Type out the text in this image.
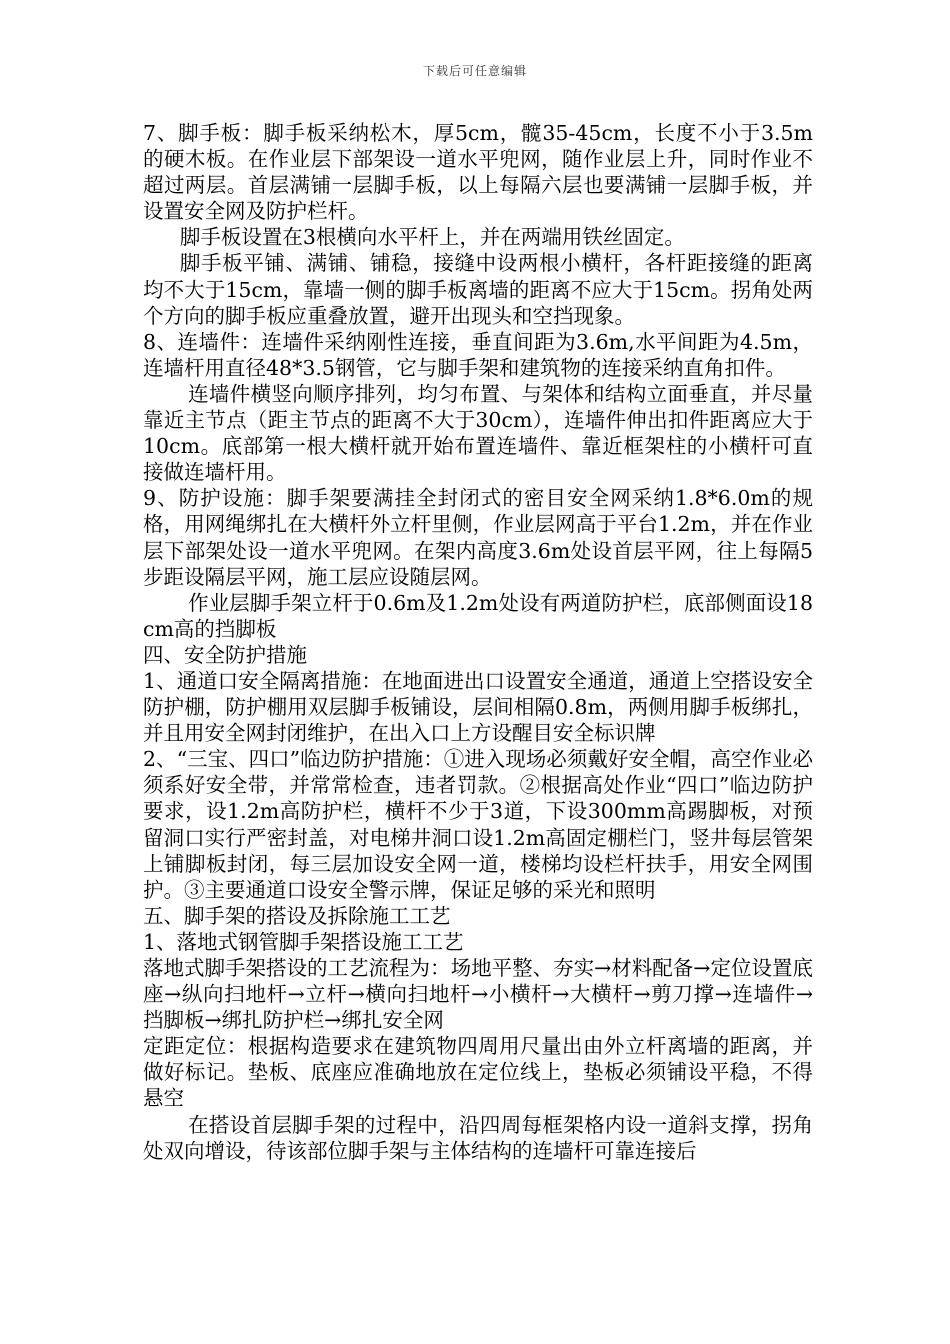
下载后可任意编辑

7、脚手板：脚手板采纳松木，厚5cm，髋35-45cm，长度不小于3.5m的硬木板。在作业层下部架设一道水平兜网，随作业层上升，同时作业不超过两层。首层满铺一层脚手板，以上每隔六层也要满铺一层脚手板，并设置安全网及防护栏杆。

脚手板设置在3根横向水平杆上，并在两端用铁丝固定。

脚手板平铺、满铺、铺稳，接缝中设两根小横杆，各杆距接缝的距离均不大于15cm，靠墙一侧的脚手板离墙的距离不应大于15cm。拐角处两个方向的脚手板应重叠放置，避开出现头和空挡现象。

8、连墙件：连墙件采纳刚性连接，垂直间距为3.6m,水平间距为4.5m，连墙杆用直径48*3.5钢管，它与脚手架和建筑物的连接采纳直角扣件。

连墙件横竖向顺序排列，均匀布置、与架体和结构立面垂直，并尽量靠近主节点（距主节点的距离不大于30cm），连墙件伸出扣件距离应大于10cm。底部第一根大横杆就开始布置连墙件、靠近框架柱的小横杆可直接做连墙杆用。

9、防护设施：脚手架要满挂全封闭式的密目安全网采纳1.8*6.0m的规格，用网绳绑扎在大横杆外立杆里侧，作业层网高于平台1.2m，并在作业层下部架处设一道水平兜网。在架内高度3.6m处设首层平网，往上每隔5步距设隔层平网，施工层应设随层网。

作业层脚手架立杆于0.6m及1.2m处设有两道防护栏，底部侧面设18cm高的挡脚板

四、安全防护措施

1、通道口安全隔离措施：在地面进出口设置安全通道，通道上空搭设安全防护棚，防护棚用双层脚手板铺设，层间相隔0.8m，两侧用脚手板绑扎，并且用安全网封闭维护，在出入口上方设醒目安全标识牌

2、“三宝、四口”临边防护措施：①进入现场必须戴好安全帽，高空作业必须系好安全带，并常常检查，违者罚款。②根据高处作业“四口”临边防护要求，设1.2m高防护栏，横杆不少于3道，下设300mm高踢脚板，对预留洞口实行严密封盖，对电梯井洞口设1.2m高固定棚栏门，竖井每层管架上铺脚板封闭，每三层加设安全网一道，楼梯均设栏杆扶手，用安全网围护。③主要通道口设安全警示牌，保证足够的采光和照明

五、脚手架的搭设及拆除施工工艺

1、落地式钢管脚手架搭设施工工艺

落地式脚手架搭设的工艺流程为：场地平整、夯实→材料配备→定位设置底座→纵向扫地杆→立杆→横向扫地杆→小横杆→大横杆→剪刀撑→连墙件→挡脚板→绑扎防护栏→绑扎安全网

定距定位：根据构造要求在建筑物四周用尺量出由外立杆离墙的距离，并做好标记。垫板、底座应准确地放在定位线上，垫板必须铺设平稳，不得悬空

在搭设首层脚手架的过程中，沿四周每框架格内设一道斜支撑，拐角处双向增设，待该部位脚手架与主体结构的连墙杆可靠连接后
